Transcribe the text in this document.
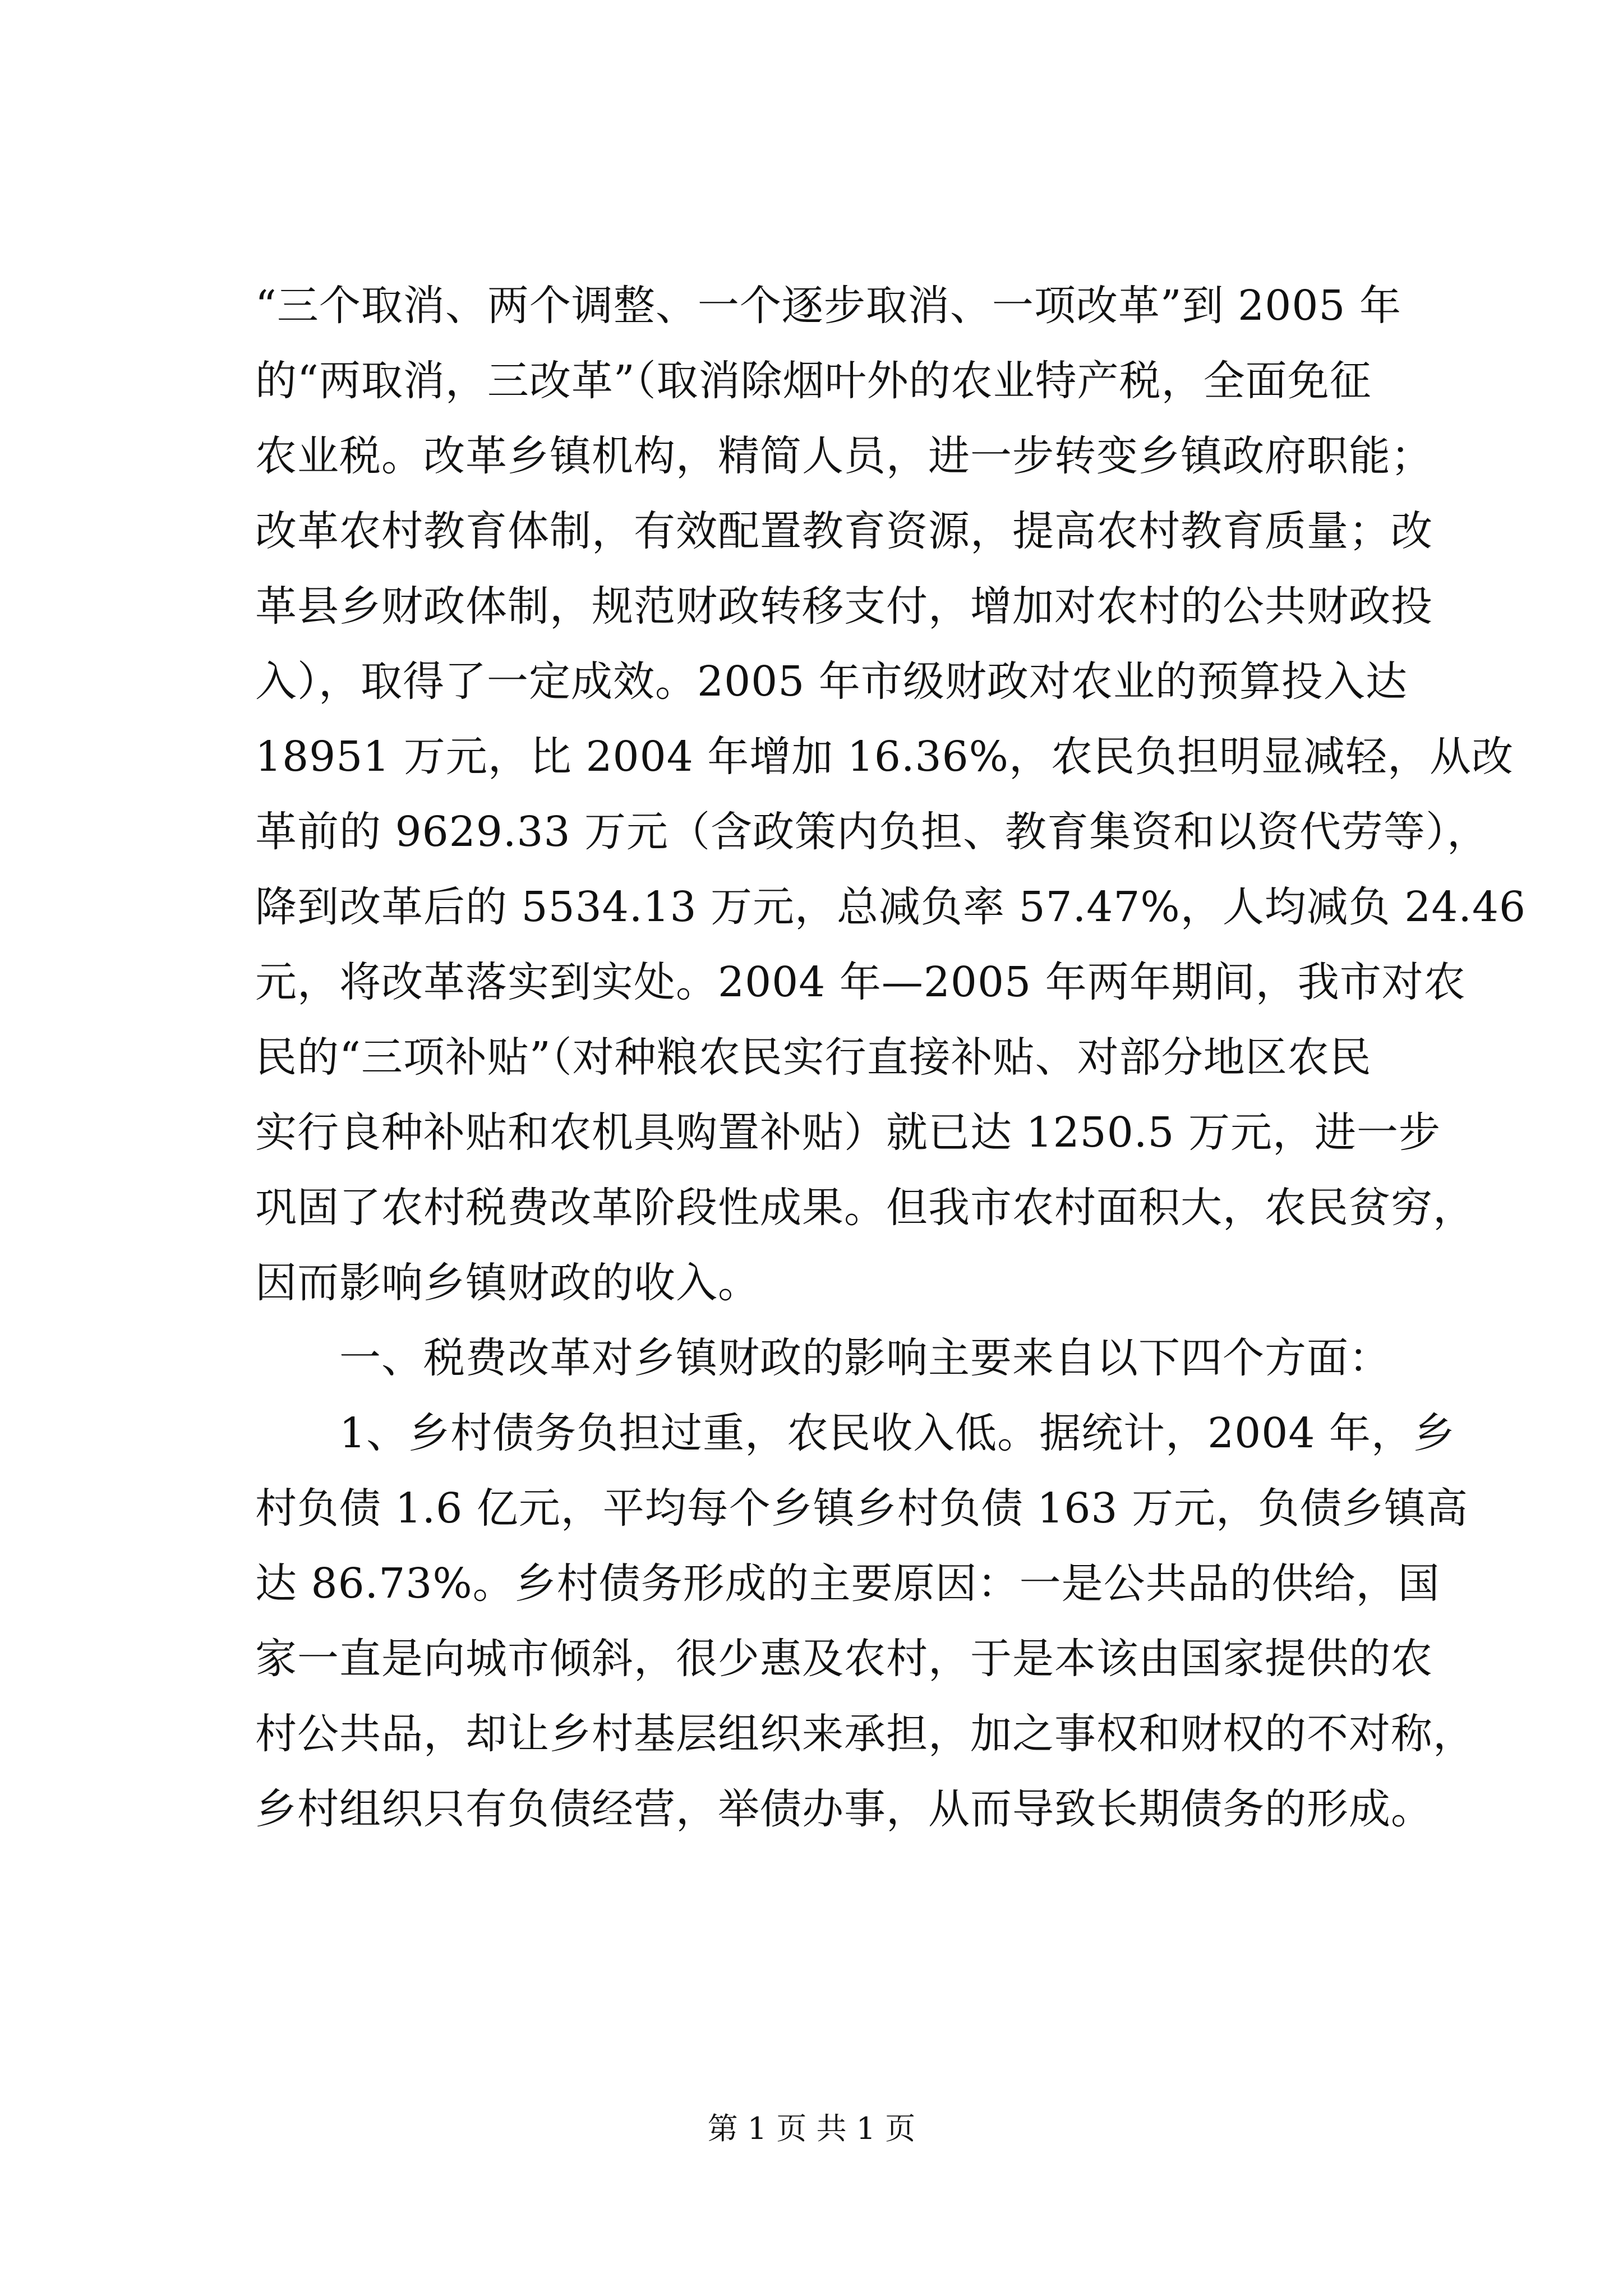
“三个取消、两个调整、一个逐步取消、一项改革”到 2005 年
的“两取消，三改革”（取消除烟叶外的农业特产税，全面免征
农业税。改革乡镇机构，精简人员，进一步转变乡镇政府职能；
改革农村教育体制，有效配置教育资源，提高农村教育质量；改
革县乡财政体制，规范财政转移支付，增加对农村的公共财政投
入），取得了一定成效。2005 年市级财政对农业的预算投入达
18951 万元，比 2004 年增加 16.36%，农民负担明显减轻，从改
革前的 9629.33 万元（含政策内负担、教育集资和以资代劳等），
降到改革后的 5534.13 万元，总减负率 57.47%，人均减负 24.46
元，将改革落实到实处。2004 年—2005 年两年期间，我市对农
民的“三项补贴”（对种粮农民实行直接补贴、对部分地区农民
实行良种补贴和农机具购置补贴）就已达 1250.5 万元，进一步
巩固了农村税费改革阶段性成果。但我市农村面积大，农民贫穷，
因而影响乡镇财政的收入。
　　一、税费改革对乡镇财政的影响主要来自以下四个方面：
　　1、乡村债务负担过重，农民收入低。据统计，2004 年，乡
村负债 1.6 亿元，平均每个乡镇乡村负债 163 万元，负债乡镇高
达 86.73%。乡村债务形成的主要原因：一是公共品的供给，国
家一直是向城市倾斜，很少惠及农村，于是本该由国家提供的农
村公共品，却让乡村基层组织来承担，加之事权和财权的不对称，
乡村组织只有负债经营，举债办事，从而导致长期债务的形成。
第 1 页 共 1 页
